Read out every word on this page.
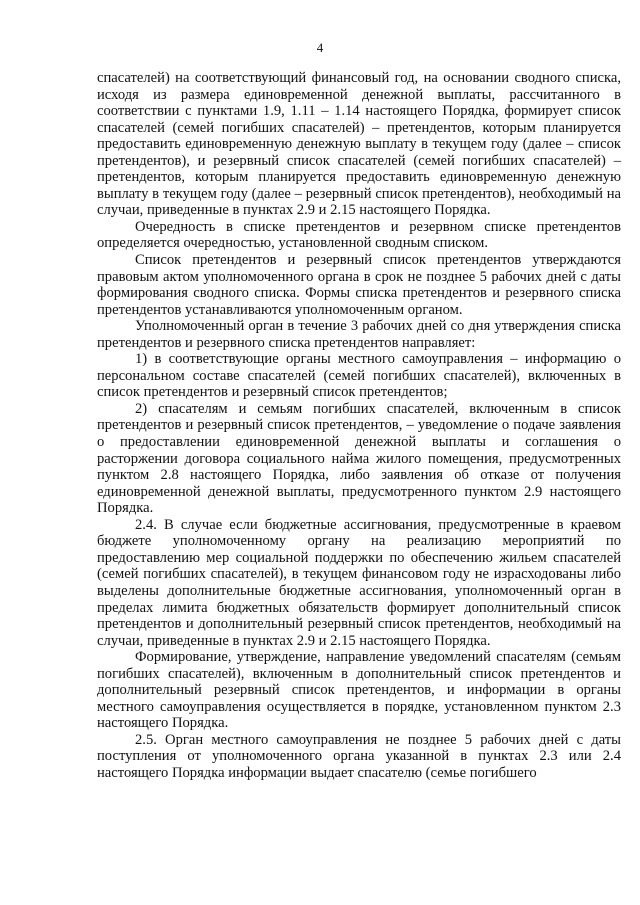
4

спасателей) на соответствующий финансовый год, на основании сводного списка, исходя из размера единовременной денежной выплаты, рассчитанного в соответствии с пунктами 1.9, 1.11 – 1.14 настоящего Порядка, формирует список спасателей (семей погибших спасателей) – претендентов, которым планируется предоставить единовременную денежную выплату в текущем году (далее – список претендентов), и резервный список спасателей (семей погибших спасателей) – претендентов, которым планируется предоставить единовременную денежную выплату в текущем году (далее – резервный список претендентов), необходимый на случаи, приведенные в пунктах 2.9 и 2.15 настоящего Порядка.

Очередность в списке претендентов и резервном списке претендентов определяется очередностью, установленной сводным списком.

Список претендентов и резервный список претендентов утверждаются правовым актом уполномоченного органа в срок не позднее 5 рабочих дней с даты формирования сводного списка. Формы списка претендентов и резервного списка претендентов устанавливаются уполномоченным органом.

Уполномоченный орган в течение 3 рабочих дней со дня утверждения списка претендентов и резервного списка претендентов направляет:

1) в соответствующие органы местного самоуправления – информацию о персональном составе спасателей (семей погибших спасателей), включенных в список претендентов и резервный список претендентов;

2) спасателям и семьям погибших спасателей, включенным в список претендентов и резервный список претендентов, – уведомление о подаче заявления о предоставлении единовременной денежной выплаты и соглашения о расторжении договора социального найма жилого помещения, предусмотренных пунктом 2.8 настоящего Порядка, либо заявления об отказе от получения единовременной денежной выплаты, предусмотренного пунктом 2.9 настоящего Порядка.

2.4. В случае если бюджетные ассигнования, предусмотренные в краевом бюджете уполномоченному органу на реализацию мероприятий по предоставлению мер социальной поддержки по обеспечению жильем спасателей (семей погибших спасателей), в текущем финансовом году не израсходованы либо выделены дополнительные бюджетные ассигнования, уполномоченный орган в пределах лимита бюджетных обязательств формирует дополнительный список претендентов и дополнительный резервный список претендентов, необходимый на случаи, приведенные в пунктах 2.9 и 2.15 настоящего Порядка.

Формирование, утверждение, направление уведомлений спасателям (семьям погибших спасателей), включенным в дополнительный список претендентов и дополнительный резервный список претендентов, и информации в органы местного самоуправления осуществляется в порядке, установленном пунктом 2.3 настоящего Порядка.

2.5. Орган местного самоуправления не позднее 5 рабочих дней с даты поступления от уполномоченного органа указанной в пунктах 2.3 или 2.4 настоящего Порядка информации выдает спасателю (семье погибшего
